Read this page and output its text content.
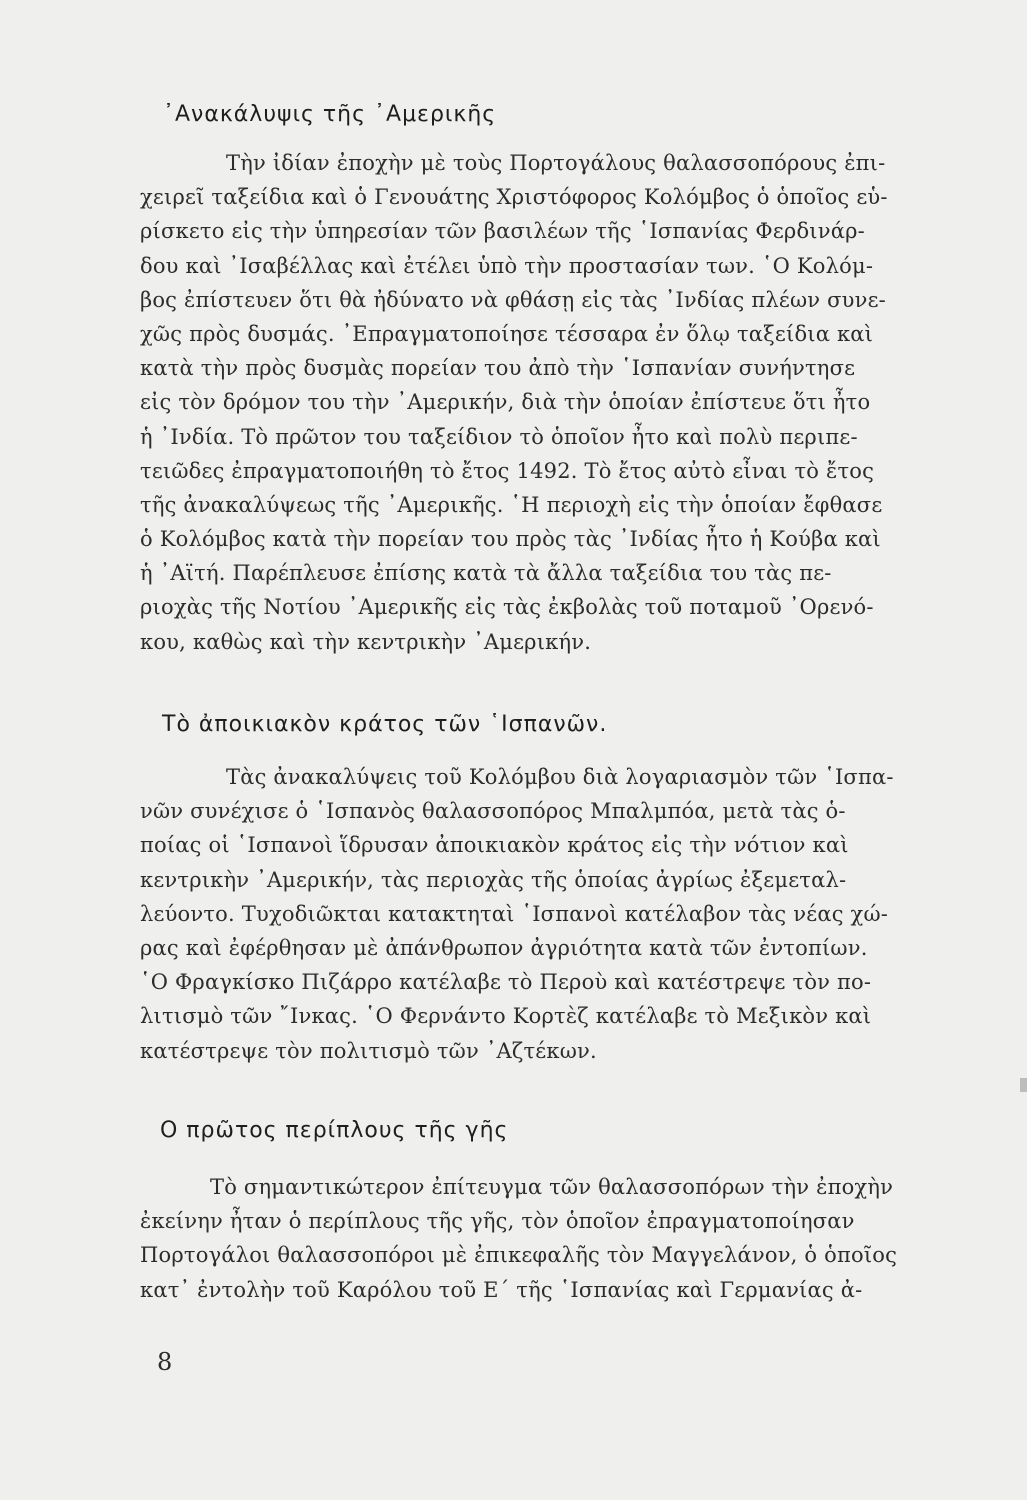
᾿Ανακάλυψις τῆς ᾿Αμερικῆς
Τὴν ἰδίαν ἐποχὴν μὲ τοὺς Πορτογάλους θαλασσοπόρους ἐπι-
χειρεῖ ταξείδια καὶ ὁ Γενουάτης Χριστόφορος Κολόμβος ὁ ὁποῖος εὑ-
ρίσκετο εἰς τὴν ὑπηρεσίαν τῶν βασιλέων τῆς ῾Ισπανίας Φερδινάρ-
δου καὶ ᾿Ισαβέλλας καὶ ἐτέλει ὑπὸ τὴν προστασίαν των. ῾Ο Κολόμ-
βος ἐπίστευεν ὅτι θὰ ἠδύνατο νὰ φθάσῃ εἰς τὰς ᾿Ινδίας πλέων συνε-
χῶς πρὸς δυσμάς. ᾿Επραγματοποίησε τέσσαρα ἐν ὅλῳ ταξείδια καὶ
κατὰ τὴν πρὸς δυσμὰς πορείαν του ἀπὸ τὴν ῾Ισπανίαν συνήντησε
εἰς τὸν δρόμον του τὴν ᾿Αμερικήν, διὰ τὴν ὁποίαν ἐπίστευε ὅτι ἦτο
ἡ ᾿Ινδία. Τὸ πρῶτον του ταξείδιον τὸ ὁποῖον ἦτο καὶ πολὺ περιπε-
τειῶδες ἐπραγματοποιήθη τὸ ἔτος 1492. Τὸ ἔτος αὐτὸ εἶναι τὸ ἔτος
τῆς ἀνακαλύψεως τῆς ᾿Αμερικῆς. ῾Η περιοχὴ εἰς τὴν ὁποίαν ἔφθασε
ὁ Κολόμβος κατὰ τὴν πορείαν του πρὸς τὰς ᾿Ινδίας ἦτο ἡ Κούβα καὶ
ἡ ᾿Αϊτή. Παρέπλευσε ἐπίσης κατὰ τὰ ἄλλα ταξείδια του τὰς πε-
ριοχὰς τῆς Νοτίου ᾿Αμερικῆς εἰς τὰς ἐκβολὰς τοῦ ποταμοῦ ᾿Ορενό-
κου, καθὼς καὶ τὴν κεντρικὴν ᾿Αμερικήν.
Τὸ ἀποικιακὸν κράτος τῶν ῾Ισπανῶν.
Τὰς ἀνακαλύψεις τοῦ Κολόμβου διὰ λογαριασμὸν τῶν ῾Ισπα-
νῶν συνέχισε ὁ ῾Ισπανὸς θαλασσοπόρος Μπαλμπόα, μετὰ τὰς ὁ-
ποίας οἱ ῾Ισπανοὶ ἵδρυσαν ἀποικιακὸν κράτος εἰς τὴν νότιον καὶ
κεντρικὴν ᾿Αμερικήν, τὰς περιοχὰς τῆς ὁποίας ἀγρίως ἐξεμεταλ-
λεύοντο. Τυχοδιῶκται κατακτηταὶ ῾Ισπανοὶ κατέλαβον τὰς νέας χώ-
ρας καὶ ἐφέρθησαν μὲ ἀπάνθρωπον ἀγριότητα κατὰ τῶν ἐντοπίων.
῾Ο Φραγκίσκο Πιζάρρο κατέλαβε τὸ Περοὺ καὶ κατέστρεψε τὸν πο-
λιτισμὸ τῶν ῎Ινκας. ῾Ο Φερνάντο Κορτὲζ κατέλαβε τὸ Μεξικὸν καὶ
κατέστρεψε τὸν πολιτισμὸ τῶν ᾿Αζτέκων.
Ο πρῶτος περίπλους τῆς γῆς
Τὸ σημαντικώτερον ἐπίτευγμα τῶν θαλασσοπόρων τὴν ἐποχὴν
ἐκείνην ἦταν ὁ περίπλους τῆς γῆς, τὸν ὁποῖον ἐπραγματοποίησαν
Πορτογάλοι θαλασσοπόροι μὲ ἐπικεφαλῆς τὸν Μαγγελάνον, ὁ ὁποῖος
κατ᾿ ἐντολὴν τοῦ Καρόλου τοῦ Ε΄ τῆς ῾Ισπανίας καὶ Γερμανίας ἀ-
8
